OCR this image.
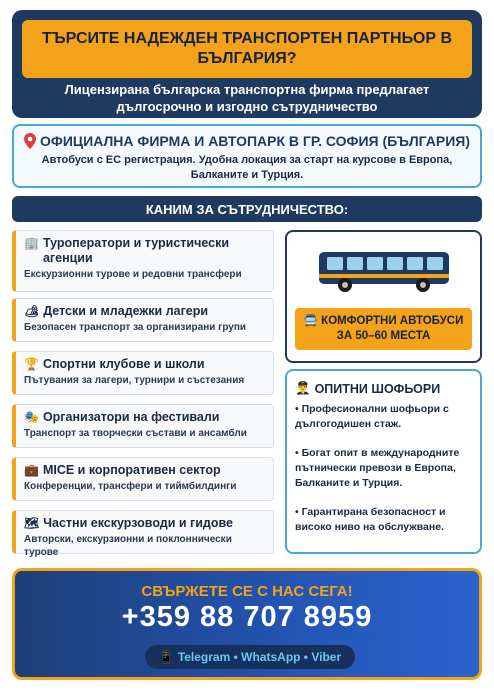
ТЪРСИТЕ НАДЕЖДЕН ТРАНСПОРТЕН ПАРТНЬОР В БЪЛГАРИЯ?
Лицензирана българска транспортна фирма предлагает дългосрочно и изгодно сътрудничество
ОФИЦИАЛНА ФИРМА И АВТОПАРК В ГР. СОФИЯ (БЪЛГАРИЯ)
Автобуси с ЕС регистрация. Удобна локация за старт на курсове в Европа, Балканите и Турция.
КАНИМ ЗА СЪТРУДНИЧЕСТВО:
🏢 Туроператори и туристически агенции
Екскурзионни турове и редовни трансфери
🏕 Детски и младежки лагери
Безопасен транспорт за организирани групи
🏆 Спортни клубове и школи
Пътувания за лагери, турнири и състезания
🎭 Организатори на фестивали
Транспорт за творчески състави и ансамбли
💼 MICE и корпоративен сектор
Конференции, трансфери и тиймбилдинги
🗺 Частни екскурзоводи и гидове
Авторски, екскурзионни и поклоннически турове
🚍 КОМФОРТНИ АВТОБУСИ ЗА 50–60 МЕСТА
👨‍✈️ ОПИТНИ ШОФЬОРИ
• Професионални шофьори с дългогодишен стаж.
• Богат опит в международните пътнически превози в Европа, Балканите и Турция.
• Гарантирана безопасност и високо ниво на обслужване.
СВЪРЖЕТЕ СЕ С НАС СЕГА!
+359 88 707 8959
📱 Telegram • WhatsApp • Viber
